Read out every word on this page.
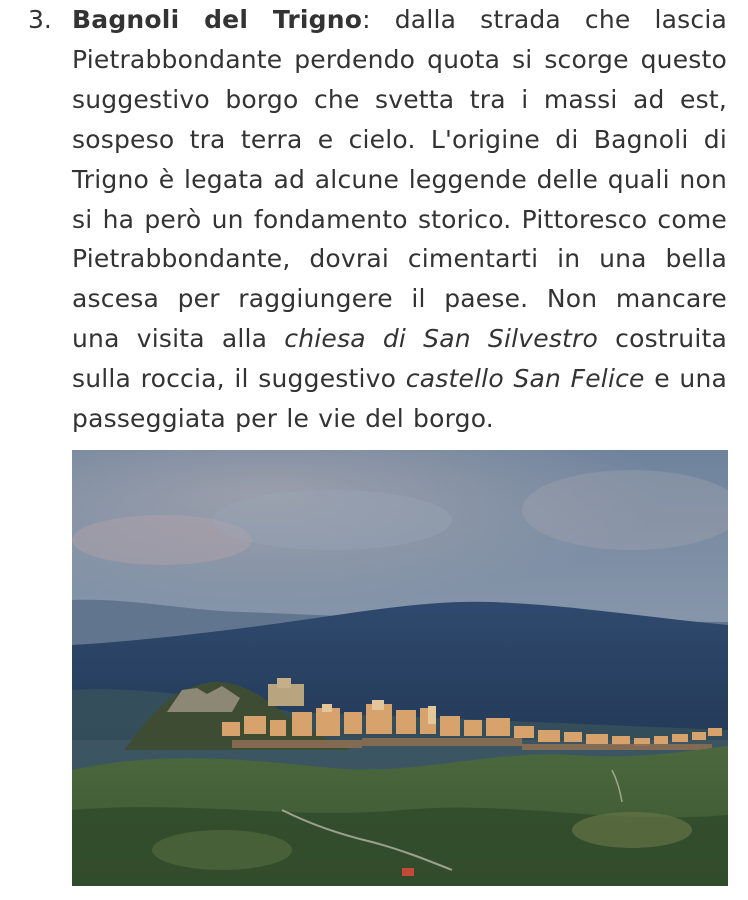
3. Bagnoli del Trigno: dalla strada che lascia Pietrabbondante perdendo quota si scorge questo suggestivo borgo che svetta tra i massi ad est, sospeso tra terra e cielo. L'origine di Bagnoli di Trigno è legata ad alcune leggende delle quali non si ha però un fondamento storico. Pittoresco come Pietrabbondante, dovrai cimentarti in una bella ascesa per raggiungere il paese. Non mancare una visita alla chiesa di San Silvestro costruita sulla roccia, il suggestivo castello San Felice e una passeggiata per le vie del borgo.
